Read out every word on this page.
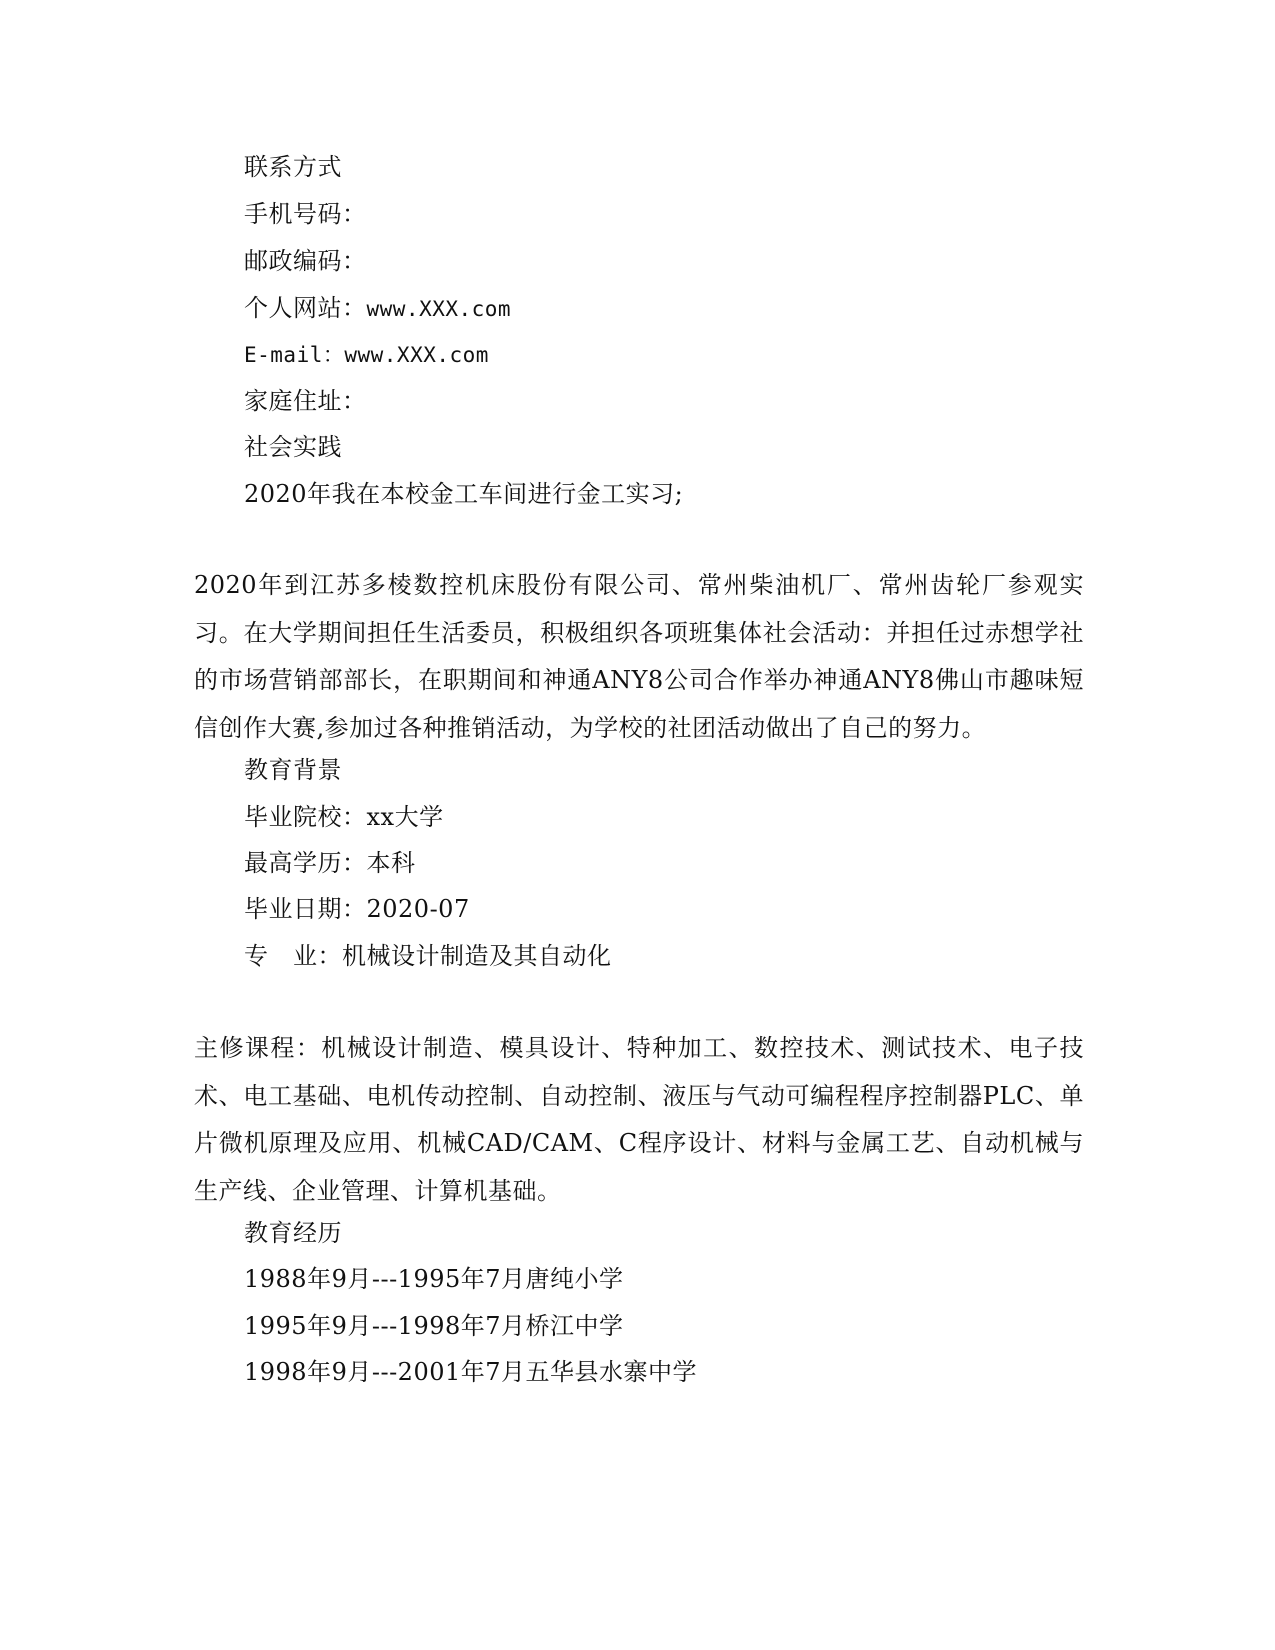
联系方式
手机号码：
邮政编码：
个人网站：www.XXX.com
E-mail：www.XXX.com
家庭住址：
社会实践
2020年我在本校金工车间进行金工实习;
2020年到江苏多棱数控机床股份有限公司、常州柴油机厂、常州齿轮厂参观实习。在大学期间担任生活委员，积极组织各项班集体社会活动：并担任过赤想学社的市场营销部部长，在职期间和神通ANY8公司合作举办神通ANY8佛山市趣味短信创作大赛,参加过各种推销活动，为学校的社团活动做出了自己的努力。
教育背景
毕业院校：xx大学
最高学历：本科
毕业日期：2020-07
专　业：机械设计制造及其自动化
主修课程：机械设计制造、模具设计、特种加工、数控技术、测试技术、电子技术、电工基础、电机传动控制、自动控制、液压与气动可编程程序控制器PLC、单片微机原理及应用、机械CAD/CAM、C程序设计、材料与金属工艺、自动机械与生产线、企业管理、计算机基础。
教育经历
1988年9月---1995年7月唐纯小学
1995年9月---1998年7月桥江中学
1998年9月---2001年7月五华县水寨中学
